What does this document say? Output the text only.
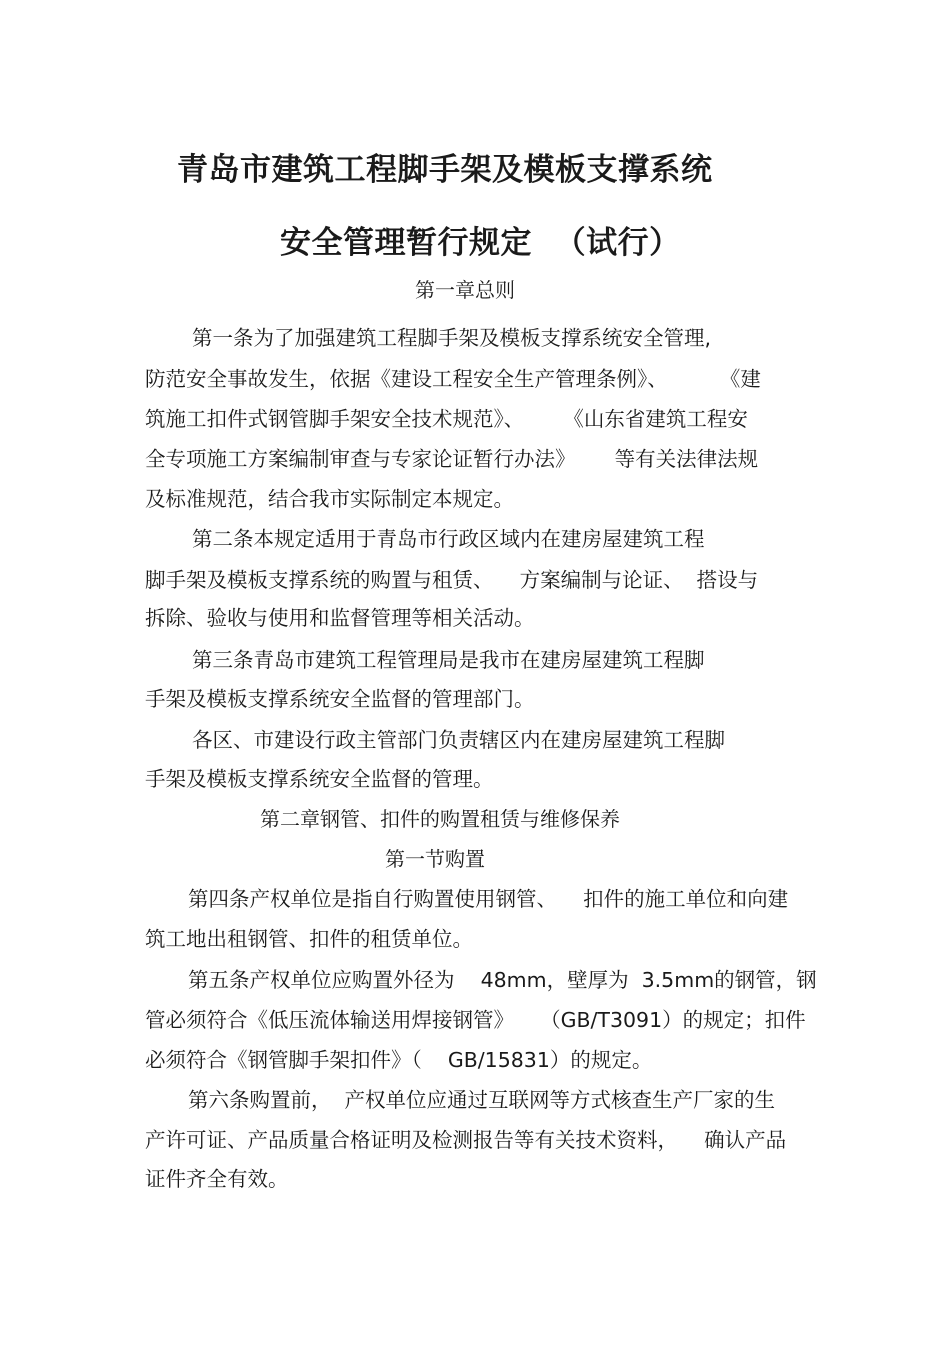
青岛市建筑工程脚手架及模板支撑系统
安全管理暂行规定  （试行）

第一章总则

第一条为了加强建筑工程脚手架及模板支撑系统安全管理,

防范安全事故发生，依据《建设工程安全生产管理条例》、        《建

筑施工扣件式钢管脚手架安全技术规范》、      《山东省建筑工程安

全专项施工方案编制审查与专家论证暂行办法》      等有关法律法规

及标准规范，结合我市实际制定本规定。

第二条本规定适用于青岛市行政区域内在建房屋建筑工程

脚手架及模板支撑系统的购置与租赁、    方案编制与论证、  搭设与

拆除、验收与使用和监督管理等相关活动。

第三条青岛市建筑工程管理局是我市在建房屋建筑工程脚

手架及模板支撑系统安全监督的管理部门。

各区、市建设行政主管部门负责辖区内在建房屋建筑工程脚

手架及模板支撑系统安全监督的管理。

第二章钢管、扣件的购置租赁与维修保养

第一节购置

第四条产权单位是指自行购置使用钢管、    扣件的施工单位和向建

筑工地出租钢管、扣件的租赁单位。

第五条产权单位应购置外径为    48mm，壁厚为  3.5mm的钢管，钢

管必须符合《低压流体输送用焊接钢管》    （GB/T3091）的规定；扣件

必须符合《钢管脚手架扣件》（    GB/15831）的规定。

第六条购置前，  产权单位应通过互联网等方式核查生产厂家的生

产许可证、产品质量合格证明及检测报告等有关技术资料，    确认产品

证件齐全有效。
